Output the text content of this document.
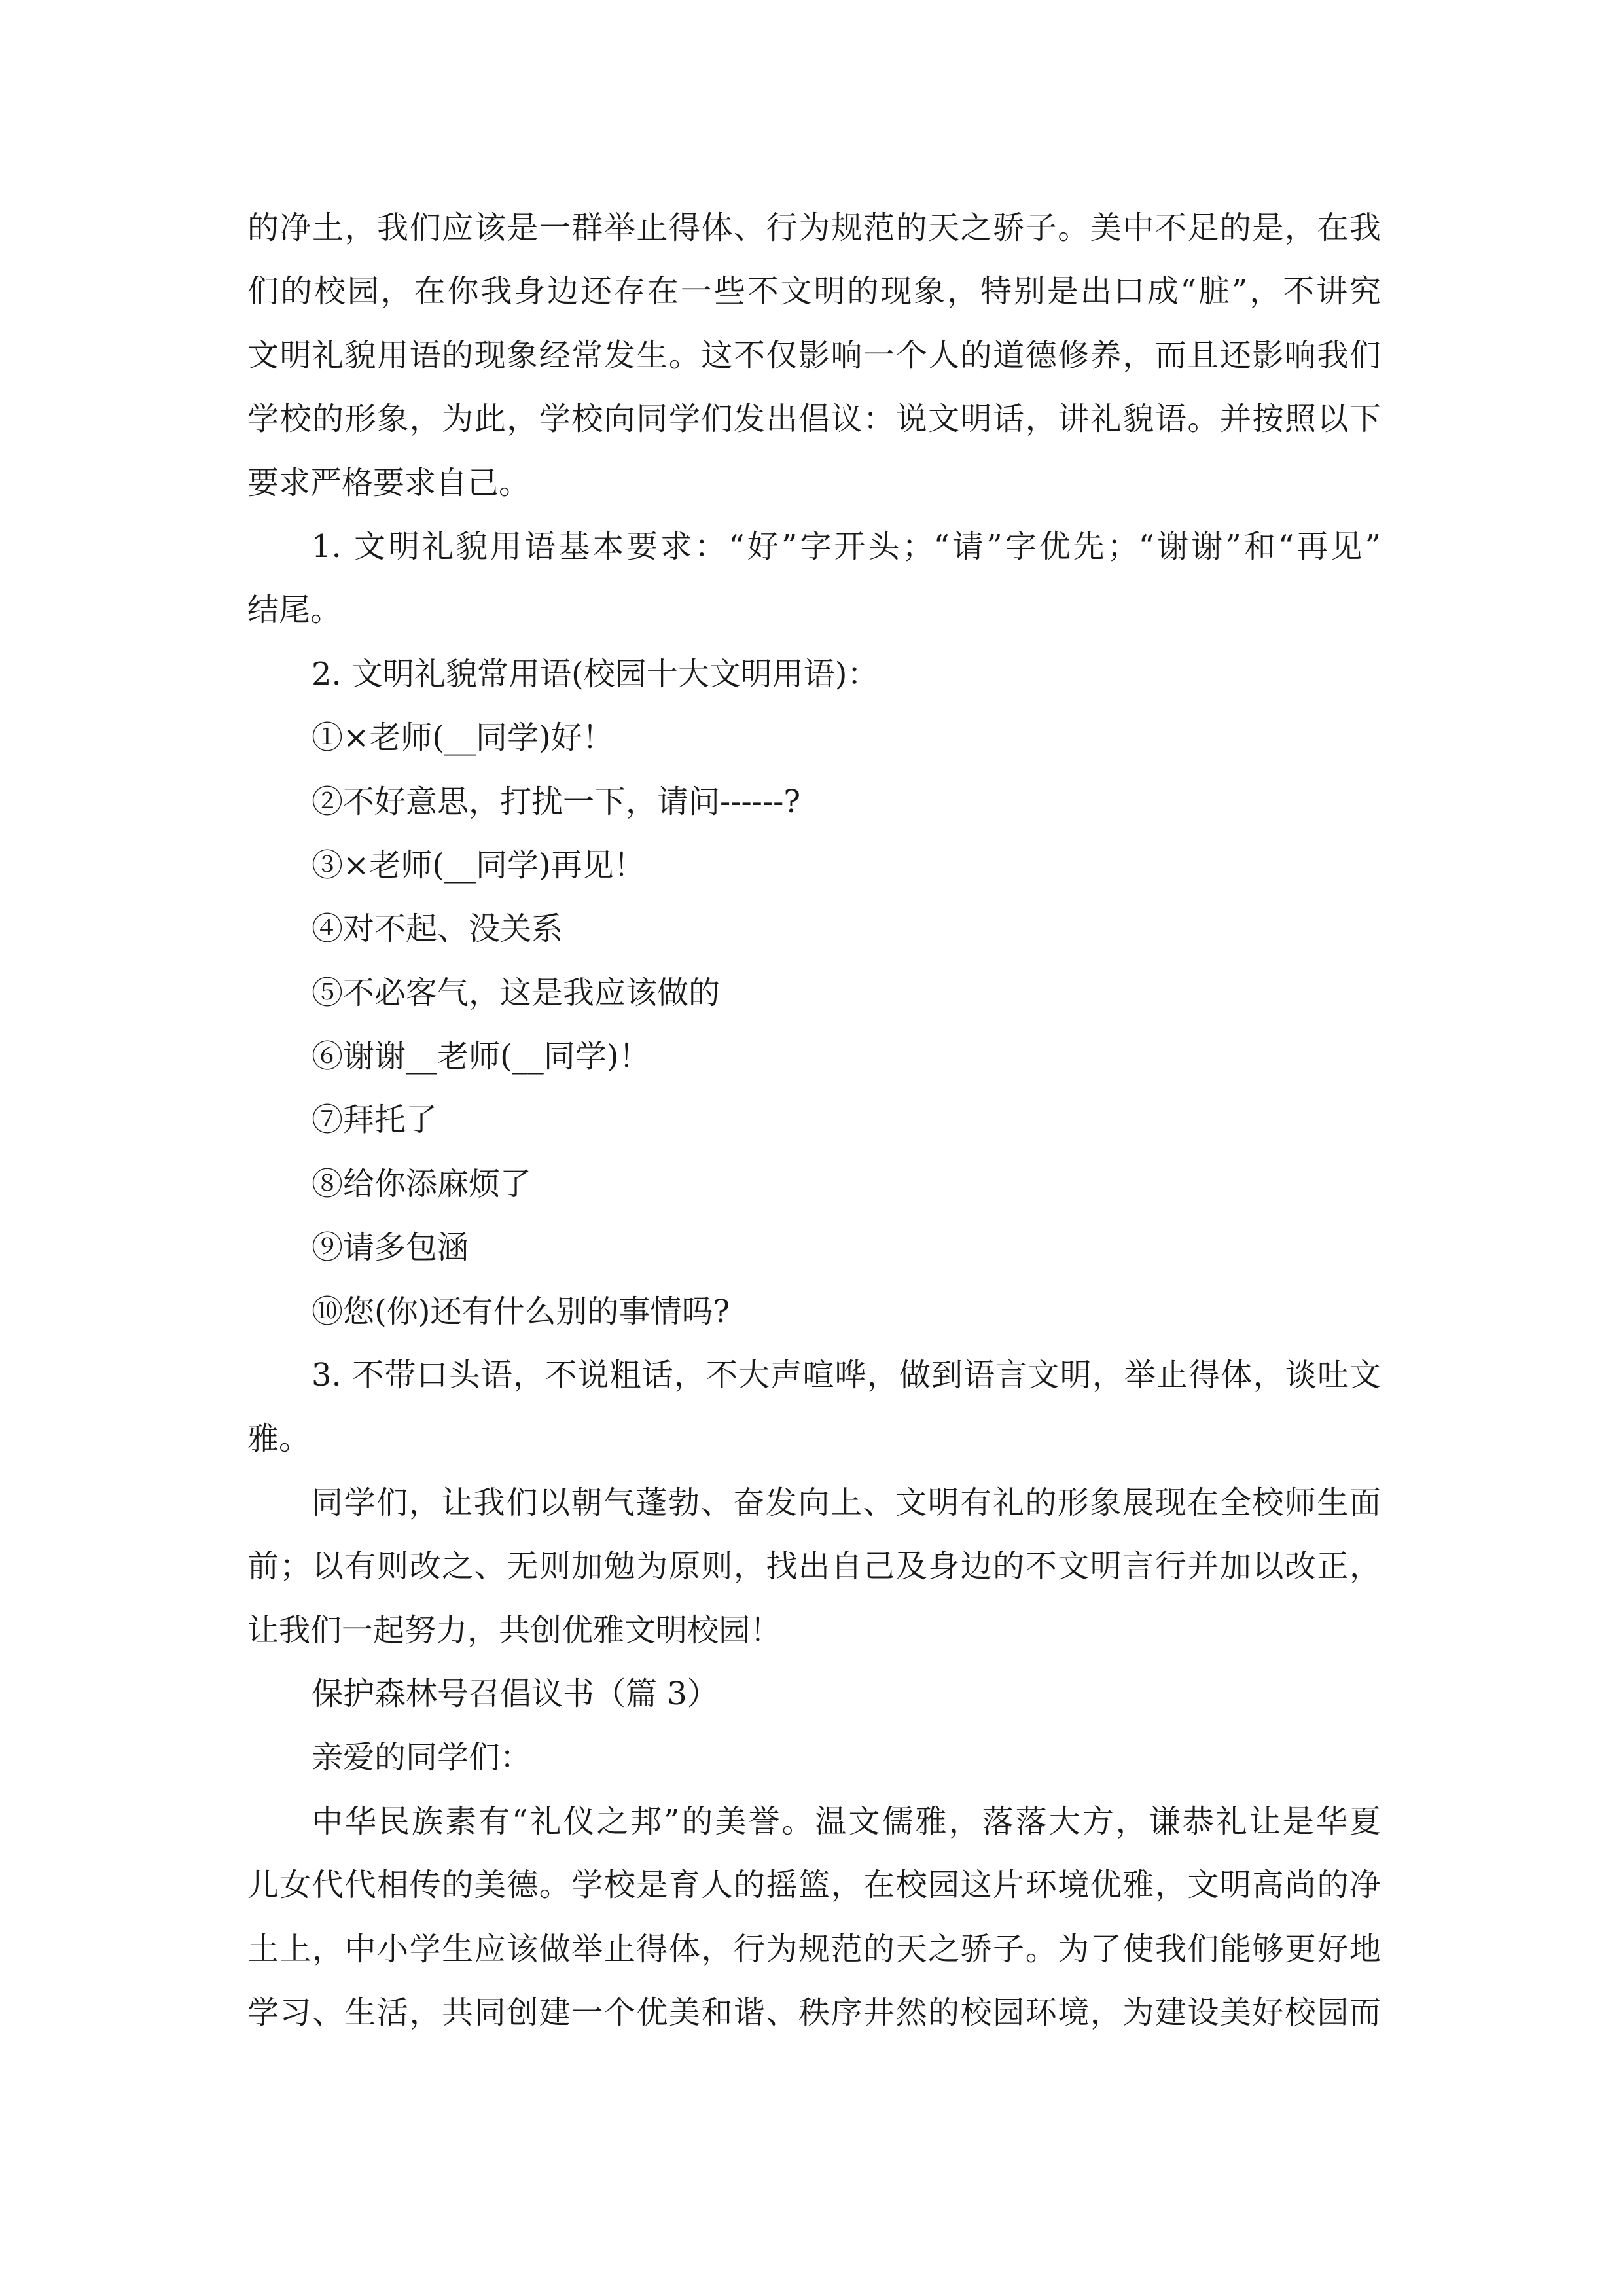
的净土，我们应该是一群举止得体、行为规范的天之骄子。美中不足的是，在我
们的校园，在你我身边还存在一些不文明的现象，特别是出口成“脏”，不讲究
文明礼貌用语的现象经常发生。这不仅影响一个人的道德修养，而且还影响我们
学校的形象，为此，学校向同学们发出倡议：说文明话，讲礼貌语。并按照以下
要求严格要求自己。
1. 文明礼貌用语基本要求：“好”字开头；“请”字优先；“谢谢”和“再见”
结尾。
2. 文明礼貌常用语(校园十大文明用语)：
①×老师(__同学)好！
②不好意思，打扰一下，请问------?
③×老师(__同学)再见！
④对不起、没关系
⑤不必客气，这是我应该做的
⑥谢谢__老师(__同学)！
⑦拜托了
⑧给你添麻烦了
⑨请多包涵
⑩您(你)还有什么别的事情吗?
3. 不带口头语，不说粗话，不大声喧哗，做到语言文明，举止得体，谈吐文
雅。
同学们，让我们以朝气蓬勃、奋发向上、文明有礼的形象展现在全校师生面
前；以有则改之、无则加勉为原则，找出自己及身边的不文明言行并加以改正，
让我们一起努力，共创优雅文明校园！
保护森林号召倡议书（篇 3）
亲爱的同学们：
中华民族素有“礼仪之邦”的美誉。温文儒雅，落落大方，谦恭礼让是华夏
儿女代代相传的美德。学校是育人的摇篮，在校园这片环境优雅，文明高尚的净
土上，中小学生应该做举止得体，行为规范的天之骄子。为了使我们能够更好地
学习、生活，共同创建一个优美和谐、秩序井然的校园环境，为建设美好校园而
